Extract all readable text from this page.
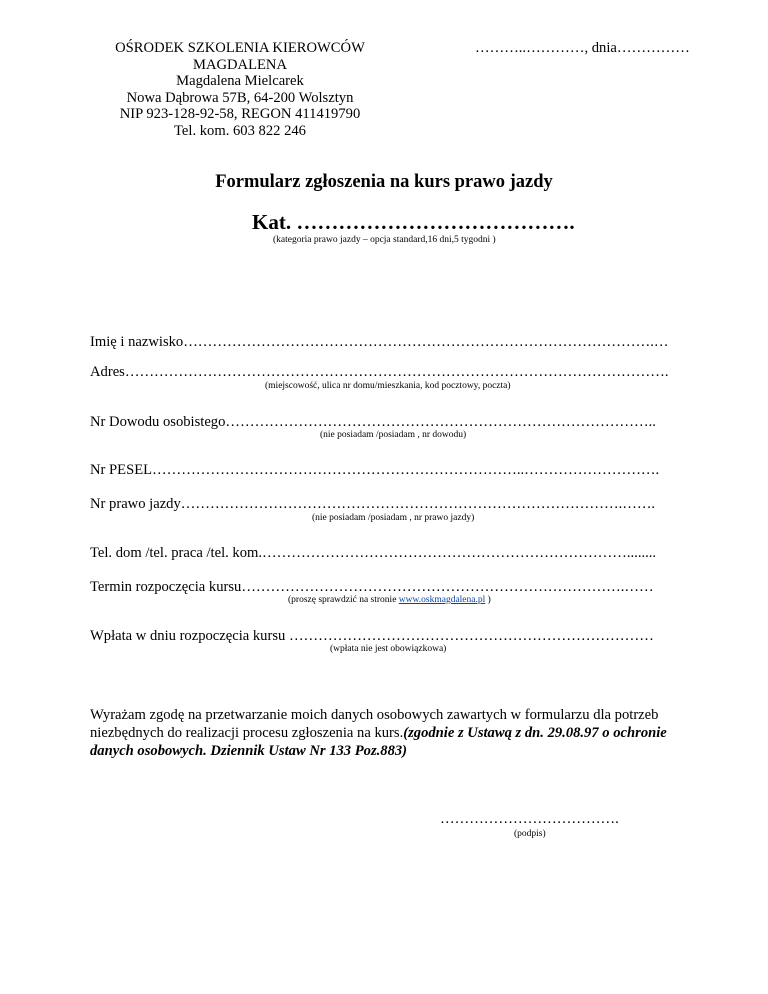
OŚRODEK SZKOLENIA KIEROWCÓW
MAGDALENA
Magdalena Mielcarek
Nowa Dąbrowa 57B, 64-200 Wolsztyn
NIP 923-128-92-58, REGON 411419790
Tel. kom. 603 822 246
………..…………, dnia……………
Formularz zgłoszenia na kurs prawo jazdy
Kat. ………………………………….
(kategoria prawo jazdy – opcja standard,16 dni,5 tygodni )
Imię i nazwisko…………………………………………………………………………………….…
Adres………………………………………………………………………………………………….
(miejscowość, ulica nr domu/mieszkania, kod pocztowy, poczta)
Nr Dowodu osobistego……………………………………………………………………………..
(nie posiadam /posiadam , nr dowodu)
Nr PESEL…………………………………………………………………..……………………….
Nr prawo jazdy……………………………………………………………………………….…….
(nie posiadam /posiadam , nr prawo jazdy)
Tel. dom /tel. praca /tel. kom.…………………………………………………………………........
Termin rozpoczęcia kursu…………………………………………………………………….……
(proszę sprawdzić na stronie www.oskmagdalena.pl )
Wpłata w dniu rozpoczęcia kursu …………………………………………………………………
(wpłata nie jest obowiązkowa)
Wyrażam zgodę na przetwarzanie moich danych osobowych zawartych w formularzu dla potrzeb niezbędnych do realizacji procesu zgłoszenia na kurs.(zgodnie z Ustawą z dn. 29.08.97 o ochronie danych osobowych. Dziennik Ustaw Nr 133 Poz.883)
……………………………….
(podpis)
